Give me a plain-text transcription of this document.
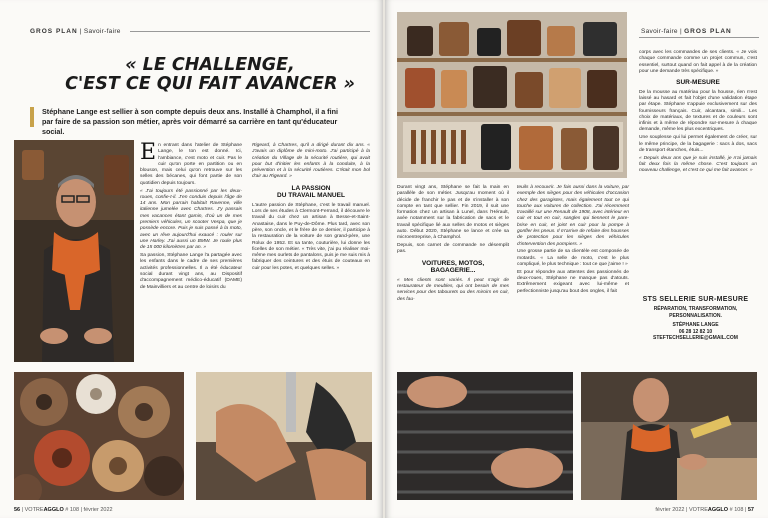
GROS PLAN | Savoir-faire
« LE CHALLENGE,
C'EST CE QUI FAIT AVANCER »
Stéphane Lange est sellier à son compte depuis deux ans. Installé à Champhol, il a fini par faire de sa passion son métier, après voir démarré sa carrière en tant qu'éducateur social.

En entrant dans l'atelier de Stéphane Lange, le ton est donné. Ici, l'ambiance, c'est moto et cuir. Pas le cuir qu'on porte en partition ou en blouson, mais celui qu'on retrouve sur les selles des bécanes, qui font partie de son quotidien depuis toujours.

« J'ai toujours été passionné par les deux-roues, confie-t-il. J'en conduis depuis l'âge de 14 ans. Mon parrain habitait Ravenne, ville italienne jumelée avec Chartres. J'y passais mes vacances étant gamin, d'où un de mes premiers véhicules, un scooter Vespa, que je possède encore. Puis je suis passé à la moto, avec un rêve aujourd'hui exaucé : rouler sur une Harley. J'ai aussi un BMW. Je roule plus de 15 000 kilomètres par an. »

Sa passion, Stéphane Lange l'a partagée avec les enfants dans le cadre de ses premières activités professionnelles. Il a été éducateur social durant vingt ans, au Dispositif d'accompagnement médico-éducatif (DAME) de Mainvilliers et au centre de loisirs du

Rigeard, à Chartres, qu'il a dirigé durant dix ans. « J'avais un diplôme de mini-moto. J'ai participé à la création du Village de la sécurité routière, qui avait pour but d'initier les enfants à la conduite, à la prévention et à la sécurité routières. C'était mon bol d'air au Rigeard. »

LA PASSION
DU TRAVAIL MANUEL

L'autre passion de Stéphane, c'est le travail manuel. Lors de ses études à Clermont-Ferrand, il découvre le travail du cuir chez un artisan à Besse-et-Saint-Anastaise, dans le Puy-de-Dôme. Plus tard, avec son père, son oncle, et le frère de ce dernier, il participe à la restauration de la voiture de son grand-père, une Rolux de 1952. Et sa tante, couturière, lui donne les ficelles de son métier. « Très vite, j'ai pu réaliser moi-même mes ourlets de pantalons, puis je me suis mis à fabriquer des ceintures et des étuis de couteaux en cuir pour les potes, et quelques selles. »

56 | VOTREAGGLO # 108 | février 2022
Savoir-faire | GROS PLAN

corps avec les commandes de ses clients. « Je vois chaque commande comme un projet commun, c'est essentiel, surtout quand on fait appel à de la création pour une demande très spécifique. »

SUR-MESURE

De la mousse au matériau pour la housse, rien n'est laissé au hasard et fait l'objet d'une validation étape par étape. Stéphane s'appuie exclusivement sur des fournisseurs français. Cuir, alcantara, simili... Les choix de matériaux, de textures et de couleurs sont infinis et à même de répondre sur-mesure à chaque demande, même les plus excentriques.

Une souplesse qui lui permet également de créer, sur le même principe, de la bagagerie : sacs à dos, sacs de transport étanches, étuis...

« Depuis deux ans que je suis installé, je n'ai jamais fait deux fois la même chose. C'est toujours un nouveau challenge, et c'est ce qui me fait avancer. »

Durant vingt ans, Stéphane se fait la main en parallèle de son métier. Jusqu'au moment où il décide de franchir le pas et de s'installer à son compte en tant que sellier. Fin 2019, il suit une formation chez un artisan à Lunel, dans l'Hérault, axée notamment sur la fabrication de sacs et le travail spécifique lié aux selles de motos et sièges auto. Début 2020, Stéphane se lance et crée sa microentreprise, à Champhol.

Depuis, son carnet de commande ne désemplit pas.

VOITURES, MOTOS,
BAGAGERIE...

« Mes clients sont variés. Il peut s'agir de restaurateur de meubles, qui ont besoin de mes services pour des tabourets ou des miroirs en cuir, des fau-

teuils à recouvrir. Je fais aussi dans la voiture, par exemple des sièges pour des véhicules d'occasion chez des garagistes, mais également tout ce qui touche aux voitures de collection. J'ai récemment travaillé sur une Renault de 1908, avec intérieur en cuir et tout en cuir, sangles qui tiennent le pare-brise en cuir, et joint en cuir pour la pompe à gonfler les pneus. Il m'arrive de refaire des housses de protection pour les sièges des véhicules d'intervention des pompiers. »

Une grosse partie de sa clientèle est composée de motards. « La selle de moto, c'est le plus compliqué, le plus technique : tout ce que j'aime ! »

Et pour répondre aux attentes des passionnés de deux-roues, Stéphane ne manque pas d'atouts. Extrêmement exigeant avec lui-même et perfectionniste jusqu'au bout des ongles, il fait

STS SELLERIE SUR-MESURE
RÉPARATION, TRANSFORMATION,
PERSONNALISATION.
STÉPHANE LANGE
06 28 12 82 10
STEFTECHSELLERIE@GMAIL.COM
février 2022 | VOTREAGGLO # 108 | 57
